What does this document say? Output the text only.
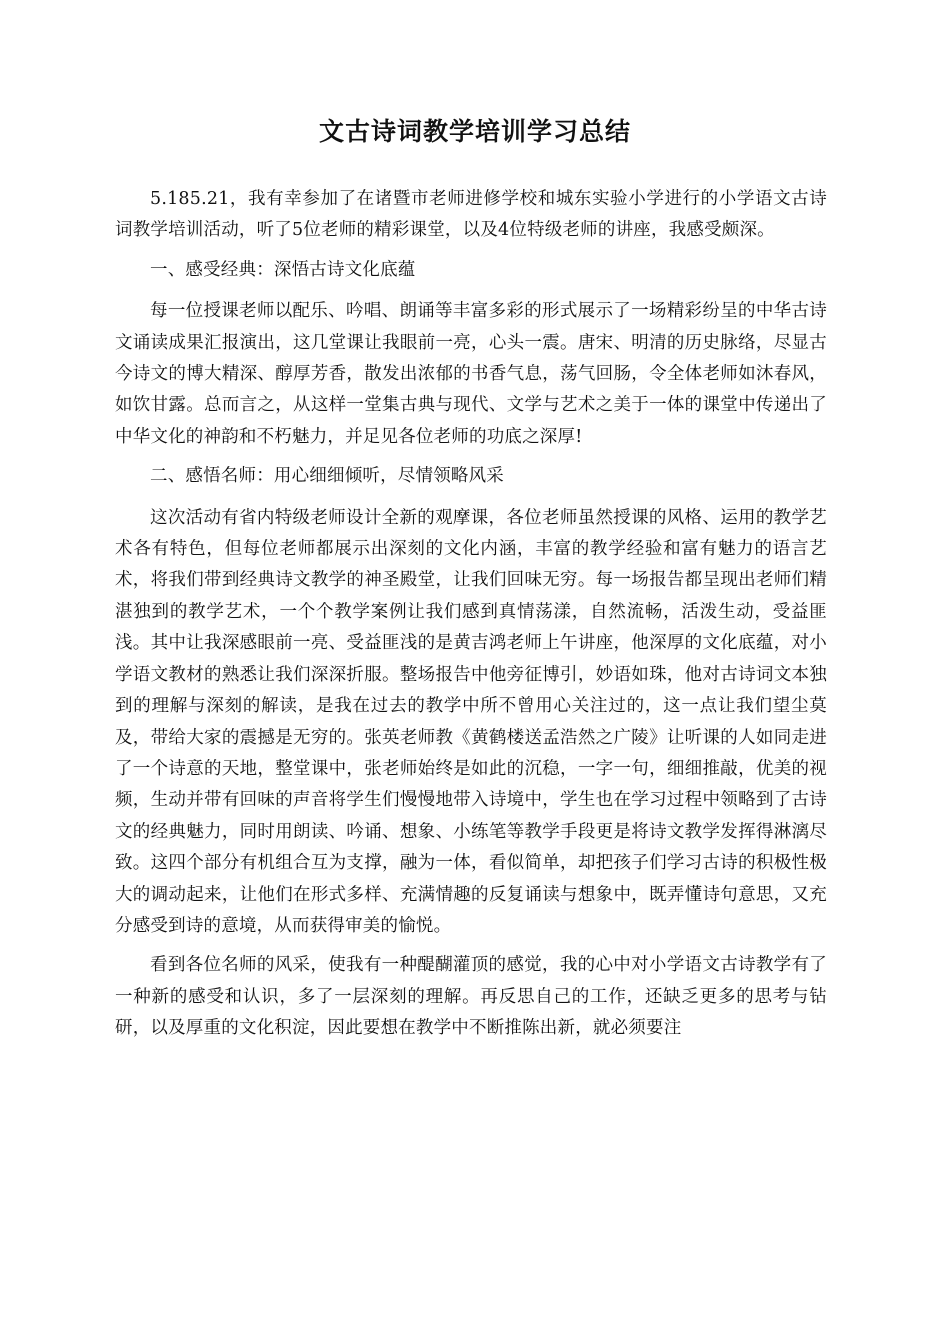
文古诗词教学培训学习总结

5.185.21，我有幸参加了在诸暨市老师进修学校和城东实验小学进行的小学语文古诗词教学培训活动，听了5位老师的精彩课堂，以及4位特级老师的讲座，我感受颇深。

一、感受经典：深悟古诗文化底蕴

每一位授课老师以配乐、吟唱、朗诵等丰富多彩的形式展示了一场精彩纷呈的中华古诗文诵读成果汇报演出，这几堂课让我眼前一亮，心头一震。唐宋、明清的历史脉络，尽显古今诗文的博大精深、醇厚芳香，散发出浓郁的书香气息，荡气回肠，令全体老师如沐春风，如饮甘露。总而言之，从这样一堂集古典与现代、文学与艺术之美于一体的课堂中传递出了中华文化的神韵和不朽魅力，并足见各位老师的功底之深厚!

二、感悟名师：用心细细倾听，尽情领略风采

这次活动有省内特级老师设计全新的观摩课，各位老师虽然授课的风格、运用的教学艺术各有特色，但每位老师都展示出深刻的文化内涵，丰富的教学经验和富有魅力的语言艺术，将我们带到经典诗文教学的神圣殿堂，让我们回味无穷。每一场报告都呈现出老师们精湛独到的教学艺术，一个个教学案例让我们感到真情荡漾，自然流畅，活泼生动，受益匪浅。其中让我深感眼前一亮、受益匪浅的是黄吉鸿老师上午讲座，他深厚的文化底蕴，对小学语文教材的熟悉让我们深深折服。整场报告中他旁征博引，妙语如珠，他对古诗词文本独到的理解与深刻的解读，是我在过去的教学中所不曾用心关注过的，这一点让我们望尘莫及，带给大家的震撼是无穷的。张英老师教《黄鹤楼送孟浩然之广陵》让听课的人如同走进了一个诗意的天地，整堂课中，张老师始终是如此的沉稳，一字一句，细细推敲，优美的视频，生动并带有回味的声音将学生们慢慢地带入诗境中，学生也在学习过程中领略到了古诗文的经典魅力，同时用朗读、吟诵、想象、小练笔等教学手段更是将诗文教学发挥得淋漓尽致。这四个部分有机组合互为支撑，融为一体，看似简单，却把孩子们学习古诗的积极性极大的调动起来，让他们在形式多样、充满情趣的反复诵读与想象中，既弄懂诗句意思，又充分感受到诗的意境，从而获得审美的愉悦。

看到各位名师的风采，使我有一种醍醐灌顶的感觉，我的心中对小学语文古诗教学有了一种新的感受和认识，多了一层深刻的理解。再反思自己的工作，还缺乏更多的思考与钻研，以及厚重的文化积淀，因此要想在教学中不断推陈出新，就必须要注
